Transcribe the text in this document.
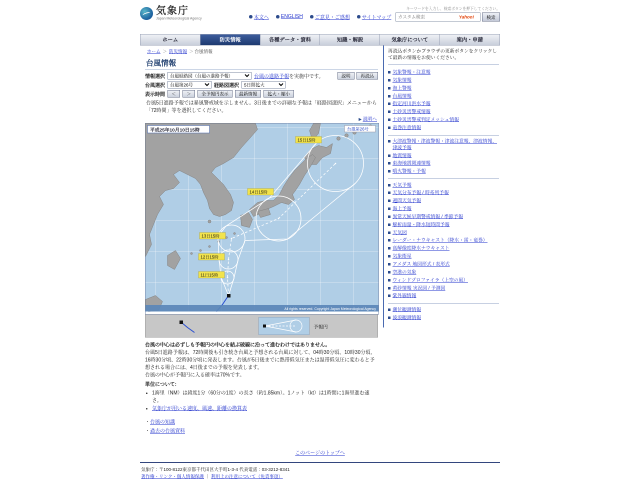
気象庁
Japan Meteorological Agency	本文へ ENGLISH ご意見・ご感想 サイトマップ
キーワードを入力し、検索ボタンを押下してください。
カスタム検索
Yahoo!	検索
ホーム	防災情報	各種データ・資料 知識・解説	気象庁について	案内・申請
ホーム ＞ 防災情報 ＞台風情報
台風情報
情報選択
台風経路図（台風の進路予報）	台風の進路予報を実施中です。	説明	再読込
台風選択
台風第26号	経路図選択
5日間拡大
表示時間 ＜	＞	全予報円表示	最新情報	拡大・縮小
台風5日進路予報では暴風警戒域を示しません。3日後までの詳細な予報は「経路図選択」メニューから「72時間」等を選択してください。
▶説明へ
11日15時
12日15時
13日15時
14日15時
15日15時
平成25年10月10日15時	台風第26号
All rights reserved. Copyright Japan Meteorological Agency
予報円
台風の中心は必ずしも予報円の中心を結ぶ破線に沿って進むわけではありません。
台風5日進路予報は、72時間後も引き続き台風と予想される台風に対して、04時30分頃、10時30分頃、16時30分頃、22時30分頃に発表します。台風が5日後までに熱帯低気圧または温帯低気圧に変わると予想される場合には、4日後までの予報を発表します。
台風の中心が予報円に入る確率は70%です。
単位について:
• 1海里（NM）は緯度1分（60分の1度）の長さ（約1.85km）。1ノット（kt）は1時間に1海里進む速さ。
• 気象庁が用いる速度、風速、距離の換算表
・ 台風の知識
・ 過去の台風資料
再読込ボタンかブラウザの更新ボタンをクリックして最新の情報をお使いください。
気象警報・注意報
気象情報
海上警報
台風情報
指定河川洪水予報
土砂災害警戒情報
土砂災害警戒判定メッシュ情報
竜巻注意情報
大津波警報・津波警報・津波注意報、津波情報、津波予報
地震情報
東海地震関連情報
噴火警報・予報
天気予報
天気分布予報 / 時系列予報
週間天気予報
海上予報
異常天候早期警戒情報 / 季節予報
解析雨量・降水短時間予報
天気図
レーダー・ナウキャスト（降水・雷・竜巻）
高解像度降水ナウキャスト
気象衛星
アメダス 地図形式 / 表形式
空港の気象
ウィンドプロファイラ（上空の風）
黄砂情報 実況図 / 予測図
紫外線情報
潮位観測情報
波浪観測情報
このページのトップへ
気象庁：〒100-8122東京都千代田区大手町1-3-4 代表電話：03-3212-8341
著作権・リンク・個人情報保護 ｜ 利用上の注意について（免責事項）
